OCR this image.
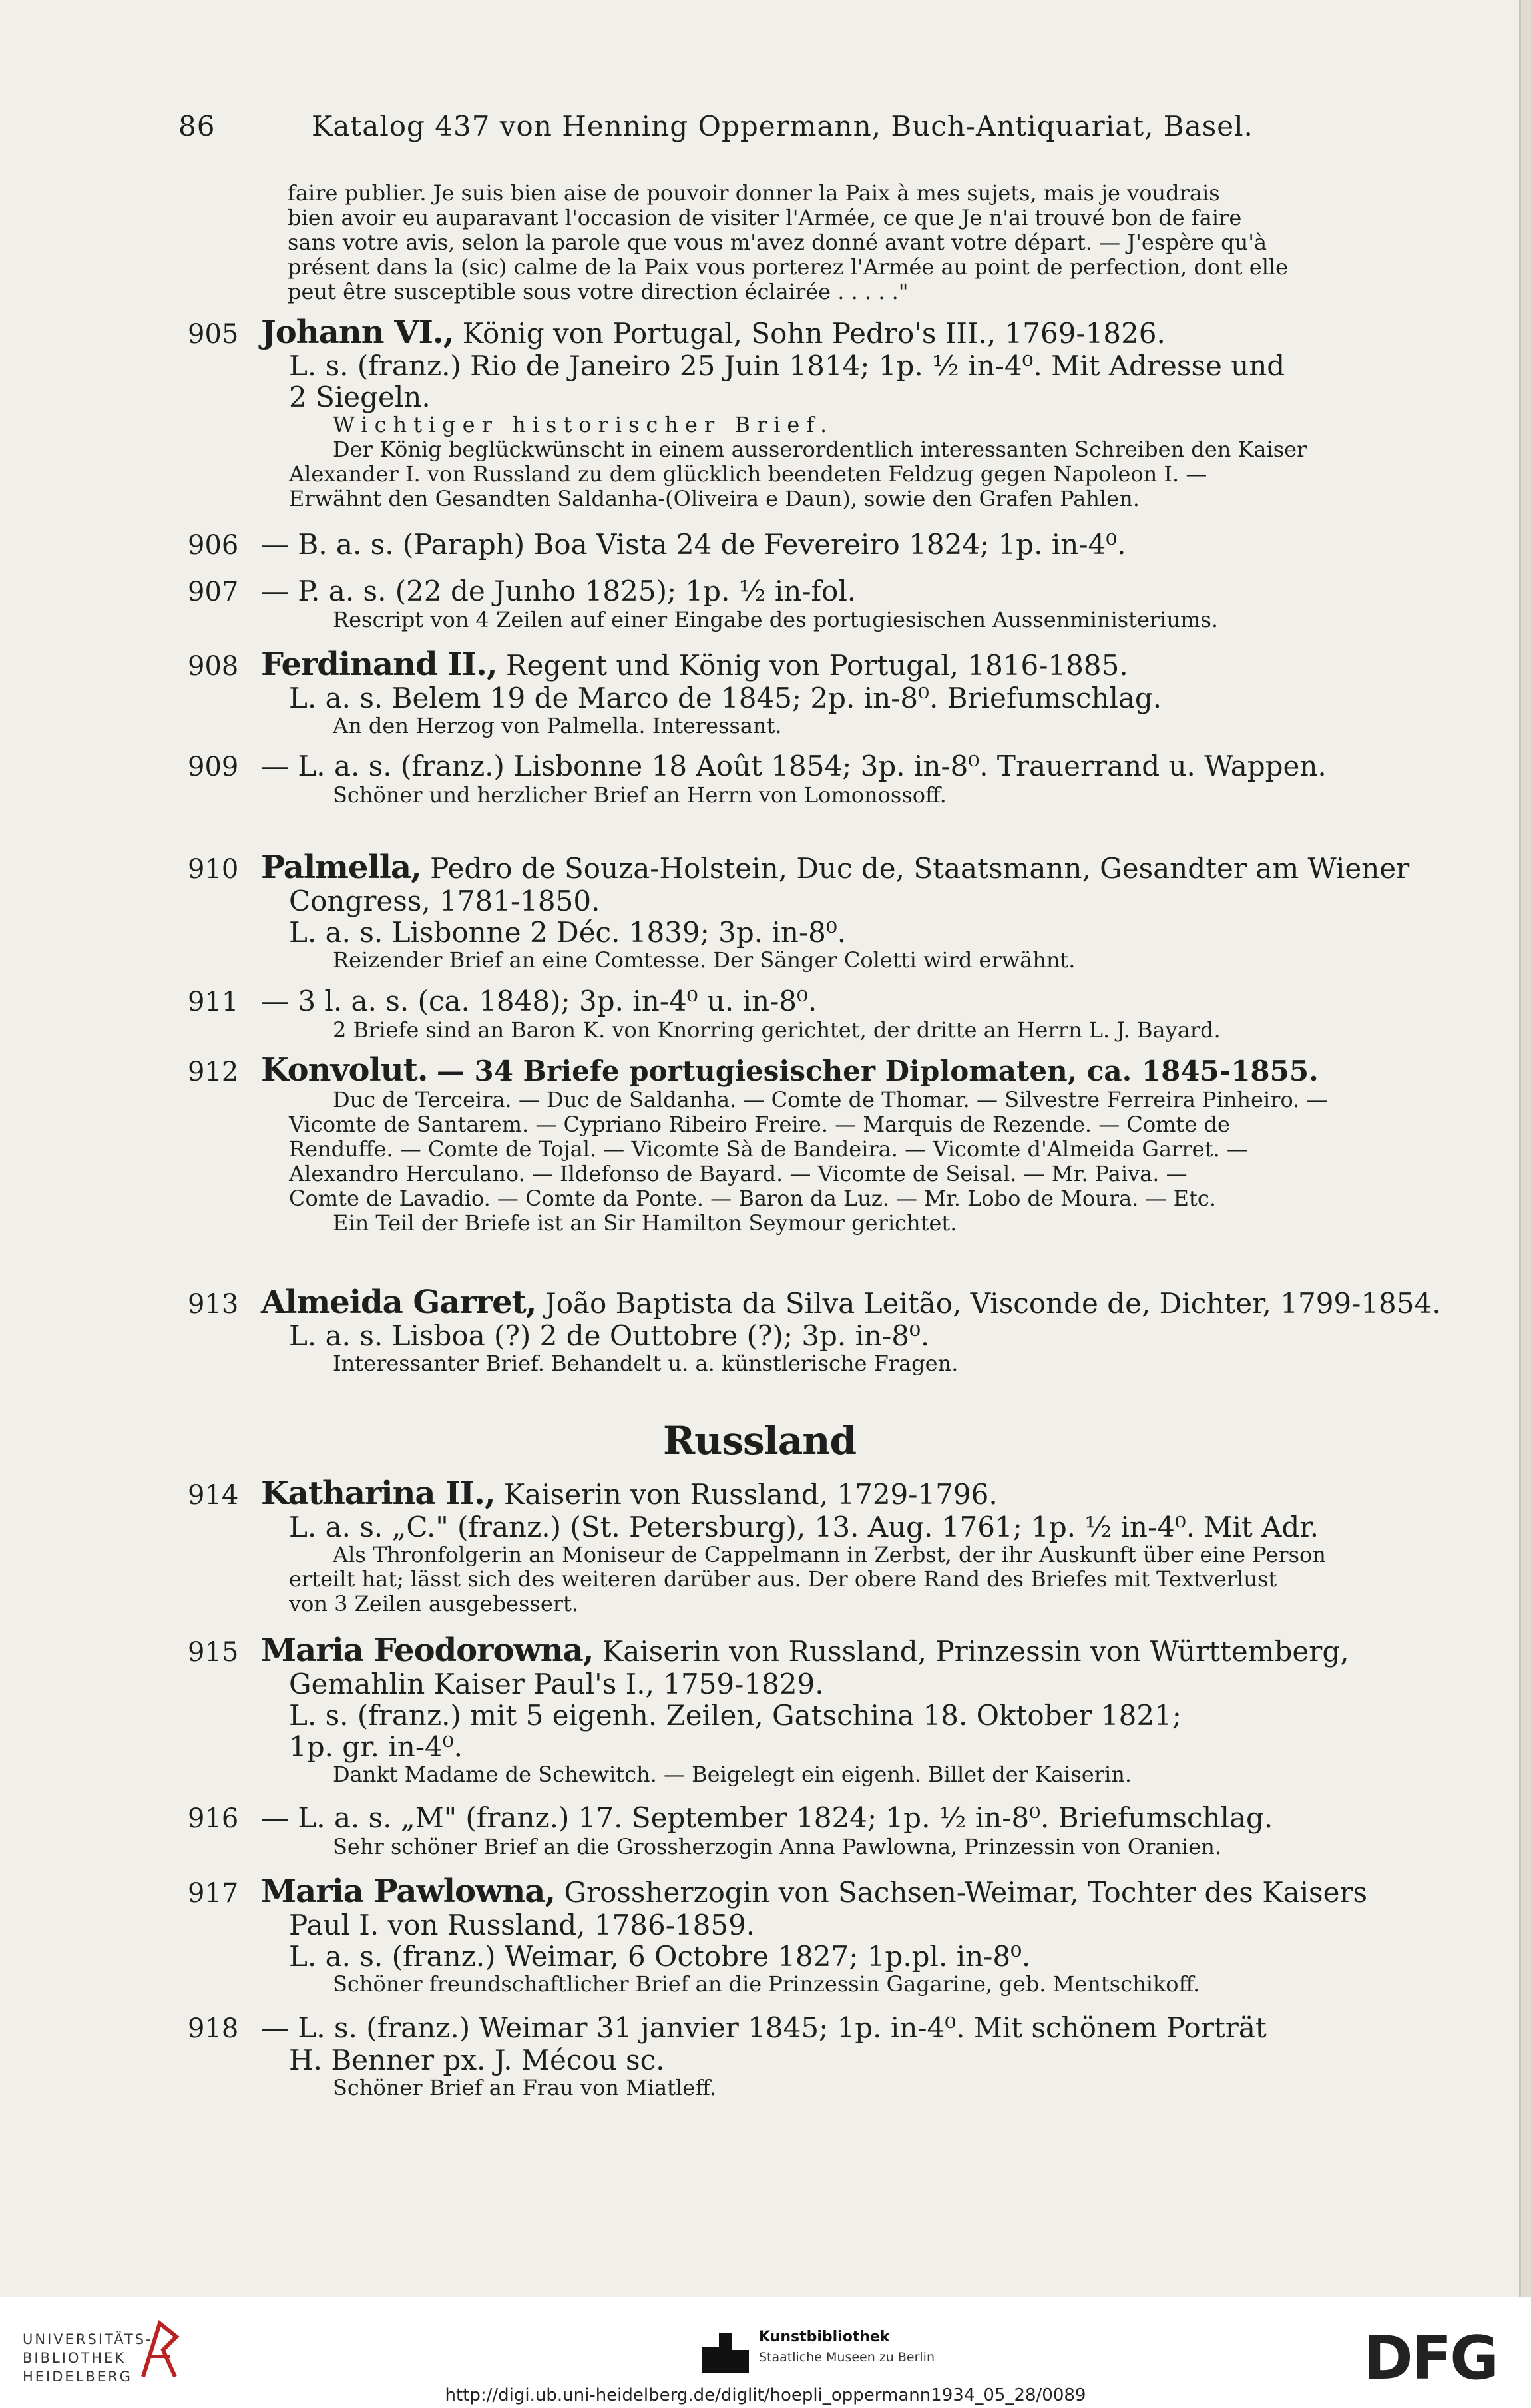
86	Katalog 437 von Henning Oppermann, Buch-Antiquariat, Basel.
faire publier. Je suis bien aise de pouvoir donner la Paix à mes sujets, mais je voudrais
bien avoir eu auparavant l'occasion de visiter l'Armée, ce que Je n'ai trouvé bon de faire
sans votre avis, selon la parole que vous m'avez donné avant votre départ. — J'espère qu'à
présent dans la (sic) calme de la Paix vous porterez l'Armée au point de perfection, dont elle
peut être susceptible sous votre direction éclairée . . . . ."
905 Johann VI., König von Portugal, Sohn Pedro's III., 1769-1826.
L. s. (franz.) Rio de Janeiro 25 Juin 1814; 1p. ½ in-4⁰. Mit Adresse und
2 Siegeln.
Wichtiger historischer Brief.
Der König beglückwünscht in einem ausserordentlich interessanten Schreiben den Kaiser
Alexander I. von Russland zu dem glücklich beendeten Feldzug gegen Napoleon I. —
Erwähnt den Gesandten Saldanha-(Oliveira e Daun), sowie den Grafen Pahlen.
906 — B. a. s. (Paraph) Boa Vista 24 de Fevereiro 1824; 1p. in-4⁰.
907 — P. a. s. (22 de Junho 1825); 1p. ½ in-fol.
Rescript von 4 Zeilen auf einer Eingabe des portugiesischen Aussenministeriums.
908 Ferdinand II., Regent und König von Portugal, 1816-1885.
L. a. s. Belem 19 de Marco de 1845; 2p. in-8⁰. Briefumschlag.
An den Herzog von Palmella. Interessant.
909 — L. a. s. (franz.) Lisbonne 18 Août 1854; 3p. in-8⁰. Trauerrand u. Wappen.
Schöner und herzlicher Brief an Herrn von Lomonossoff.
910 Palmella, Pedro de Souza-Holstein, Duc de, Staatsmann, Gesandter am Wiener
Congress, 1781-1850.
L. a. s. Lisbonne 2 Déc. 1839; 3p. in-8⁰.
Reizender Brief an eine Comtesse. Der Sänger Coletti wird erwähnt.
911 — 3 l. a. s. (ca. 1848); 3p. in-4⁰ u. in-8⁰.
2 Briefe sind an Baron K. von Knorring gerichtet, der dritte an Herrn L. J. Bayard.
912 Konvolut. — 34 Briefe portugiesischer Diplomaten, ca. 1845-1855.
Duc de Terceira. — Duc de Saldanha. — Comte de Thomar. — Silvestre Ferreira Pinheiro. —
Vicomte de Santarem. — Cypriano Ribeiro Freire. — Marquis de Rezende. — Comte de
Renduffe. — Comte de Tojal. — Vicomte Sà de Bandeira. — Vicomte d'Almeida Garret. —
Alexandro Herculano. — Ildefonso de Bayard. — Vicomte de Seisal. — Mr. Paiva. —
Comte de Lavadio. — Comte da Ponte. — Baron da Luz. — Mr. Lobo de Moura. — Etc.
Ein Teil der Briefe ist an Sir Hamilton Seymour gerichtet.
913 Almeida Garret, João Baptista da Silva Leitão, Visconde de, Dichter, 1799-1854.
L. a. s. Lisboa (?) 2 de Outtobre (?); 3p. in-8⁰.
Interessanter Brief. Behandelt u. a. künstlerische Fragen.
Russland
914 Katharina II., Kaiserin von Russland, 1729-1796.
L. a. s. „C." (franz.) (St. Petersburg), 13. Aug. 1761; 1p. ½ in-4⁰. Mit Adr.
Als Thronfolgerin an Moniseur de Cappelmann in Zerbst, der ihr Auskunft über eine Person
erteilt hat; lässt sich des weiteren darüber aus. Der obere Rand des Briefes mit Textverlust
von 3 Zeilen ausgebessert.
915 Maria Feodorowna, Kaiserin von Russland, Prinzessin von Württemberg,
Gemahlin Kaiser Paul's I., 1759-1829.
L. s. (franz.) mit 5 eigenh. Zeilen, Gatschina 18. Oktober 1821;
1p. gr. in-4⁰.
Dankt Madame de Schewitch. — Beigelegt ein eigenh. Billet der Kaiserin.
916 — L. a. s. „M" (franz.) 17. September 1824; 1p. ½ in-8⁰. Briefumschlag.
Sehr schöner Brief an die Grossherzogin Anna Pawlowna, Prinzessin von Oranien.
917 Maria Pawlowna, Grossherzogin von Sachsen-Weimar, Tochter des Kaisers
Paul I. von Russland, 1786-1859.
L. a. s. (franz.) Weimar, 6 Octobre 1827; 1p.pl. in-8⁰.
Schöner freundschaftlicher Brief an die Prinzessin Gagarine, geb. Mentschikoff.
918 — L. s. (franz.) Weimar 31 janvier 1845; 1p. in-4⁰. Mit schönem Porträt
H. Benner px. J. Mécou sc.
Schöner Brief an Frau von Miatleff.
UNIVERSITÄTS-
BIBLIOTHEK
HEIDELBERG
Kunstbibliothek
Staatliche Museen zu Berlin	DFG
http://digi.ub.uni-heidelberg.de/diglit/hoepli_oppermann1934_05_28/0089
